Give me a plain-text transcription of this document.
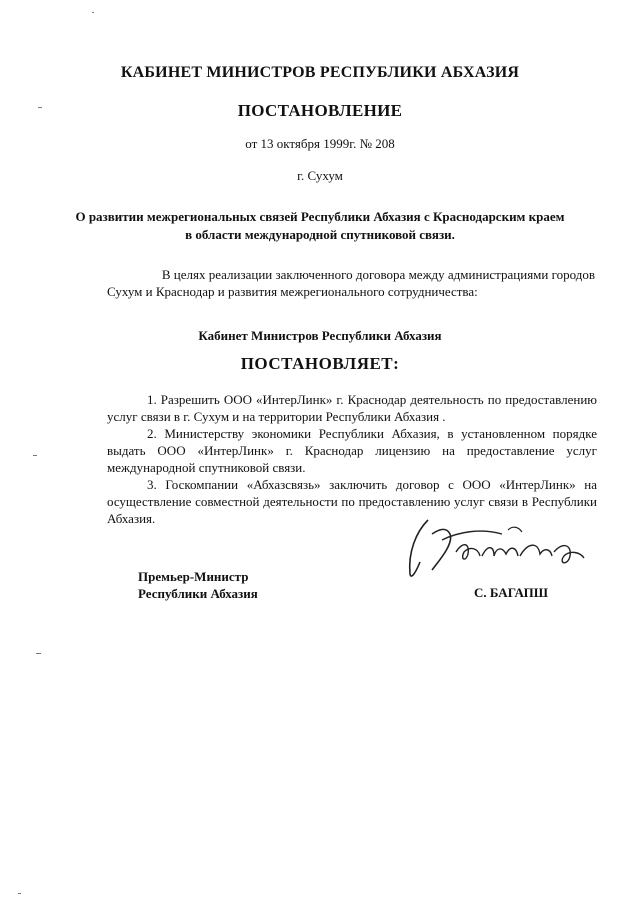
КАБИНЕТ МИНИСТРОВ РЕСПУБЛИКИ АБХАЗИЯ
ПОСТАНОВЛЕНИЕ
от 13 октября 1999г. № 208
г. Сухум
О развитии межрегиональных связей Республики Абхазия с Краснодарским краем
в области международной спутниковой связи.
В целях реализации заключенного договора между администрациями городов
Сухум и Краснодар и развития межрегионального сотрудничества:
Кабинет Министров Республики Абхазия
ПОСТАНОВЛЯЕТ:

1. Разрешить ООО «ИнтерЛинк» г. Краснодар деятельность по предоставлению услуг связи в г. Сухум и на территории Республики Абхазия .

2. Министерству экономики Республики Абхазия, в установленном порядке выдать ООО «ИнтерЛинк» г. Краснодар лицензию на предоставление услуг международной спутниковой связи.

3. Госкомпании «Абхазсвязь» заключить договор с ООО «ИнтерЛинк» на осуществление совместной деятельности по предоставлению услуг связи в Республики Абхазия.

Премьер-Министр
Республики Абхазия	С. БАГАПШ
